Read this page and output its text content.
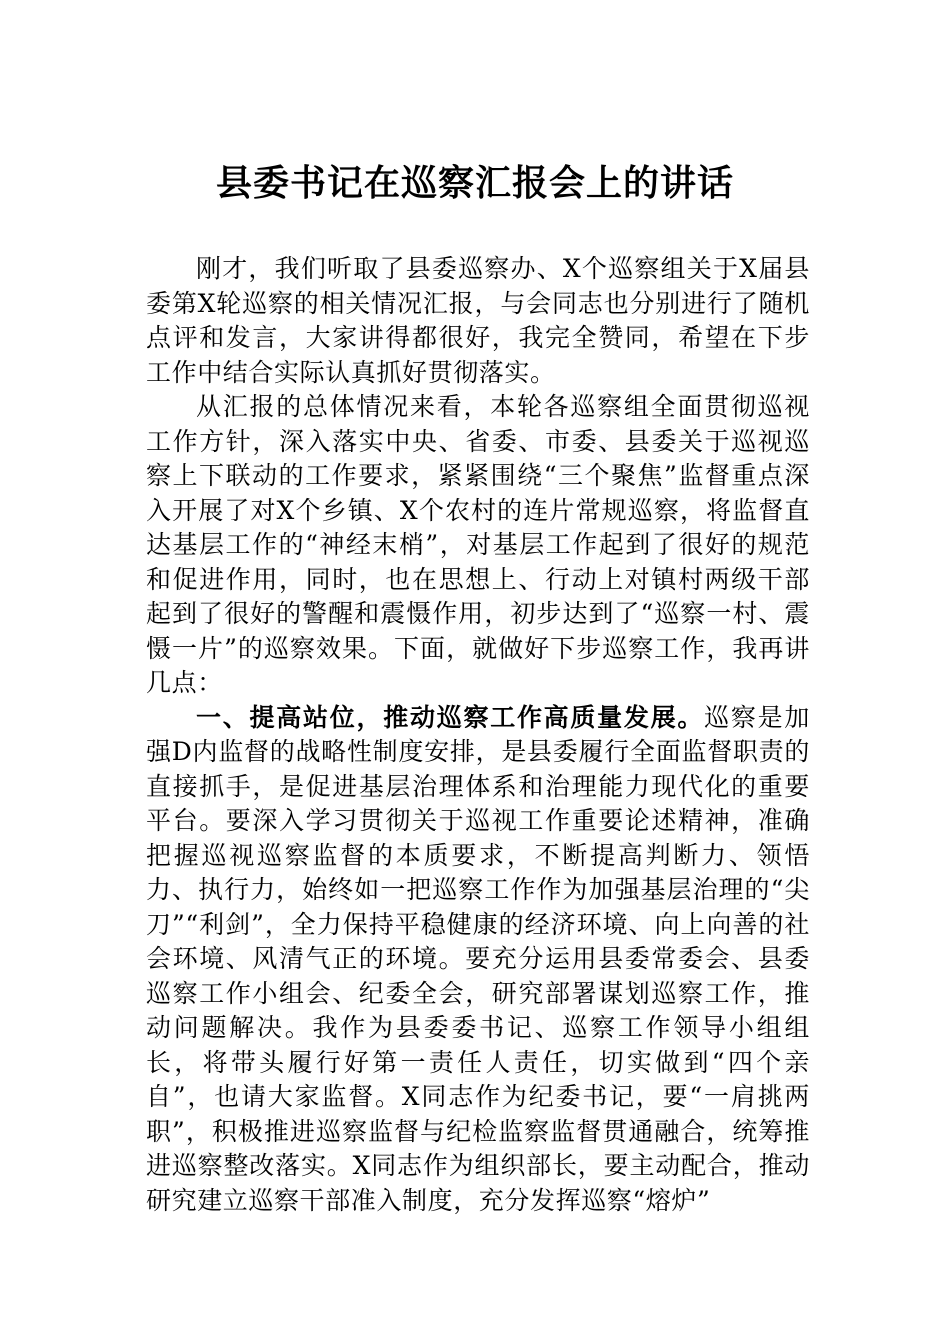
县委书记在巡察汇报会上的讲话

刚才，我们听取了县委巡察办、X个巡察组关于X届县委第X轮巡察的相关情况汇报，与会同志也分别进行了随机点评和发言，大家讲得都很好，我完全赞同，希望在下步工作中结合实际认真抓好贯彻落实。

从汇报的总体情况来看，本轮各巡察组全面贯彻巡视工作方针，深入落实中央、省委、市委、县委关于巡视巡察上下联动的工作要求，紧紧围绕“三个聚焦”监督重点深入开展了对X个乡镇、X个农村的连片常规巡察，将监督直达基层工作的“神经末梢”，对基层工作起到了很好的规范和促进作用，同时，也在思想上、行动上对镇村两级干部起到了很好的警醒和震慑作用，初步达到了“巡察一村、震慑一片”的巡察效果。下面，就做好下步巡察工作，我再讲几点：

一、提高站位，推动巡察工作高质量发展。巡察是加强D内监督的战略性制度安排，是县委履行全面监督职责的直接抓手，是促进基层治理体系和治理能力现代化的重要平台。要深入学习贯彻关于巡视工作重要论述精神，准确把握巡视巡察监督的本质要求，不断提高判断力、领悟力、执行力，始终如一把巡察工作作为加强基层治理的“尖刀”“利剑”，全力保持平稳健康的经济环境、向上向善的社会环境、风清气正的环境。要充分运用县委常委会、县委巡察工作小组会、纪委全会，研究部署谋划巡察工作，推动问题解决。我作为县委委书记、巡察工作领导小组组长，将带头履行好第一责任人责任，切实做到“四个亲自”，也请大家监督。X同志作为纪委书记，要“一肩挑两职”，积极推进巡察监督与纪检监察监督贯通融合，统筹推进巡察整改落实。X同志作为组织部长，要主动配合，推动研究建立巡察干部准入制度，充分发挥巡察“熔炉”
